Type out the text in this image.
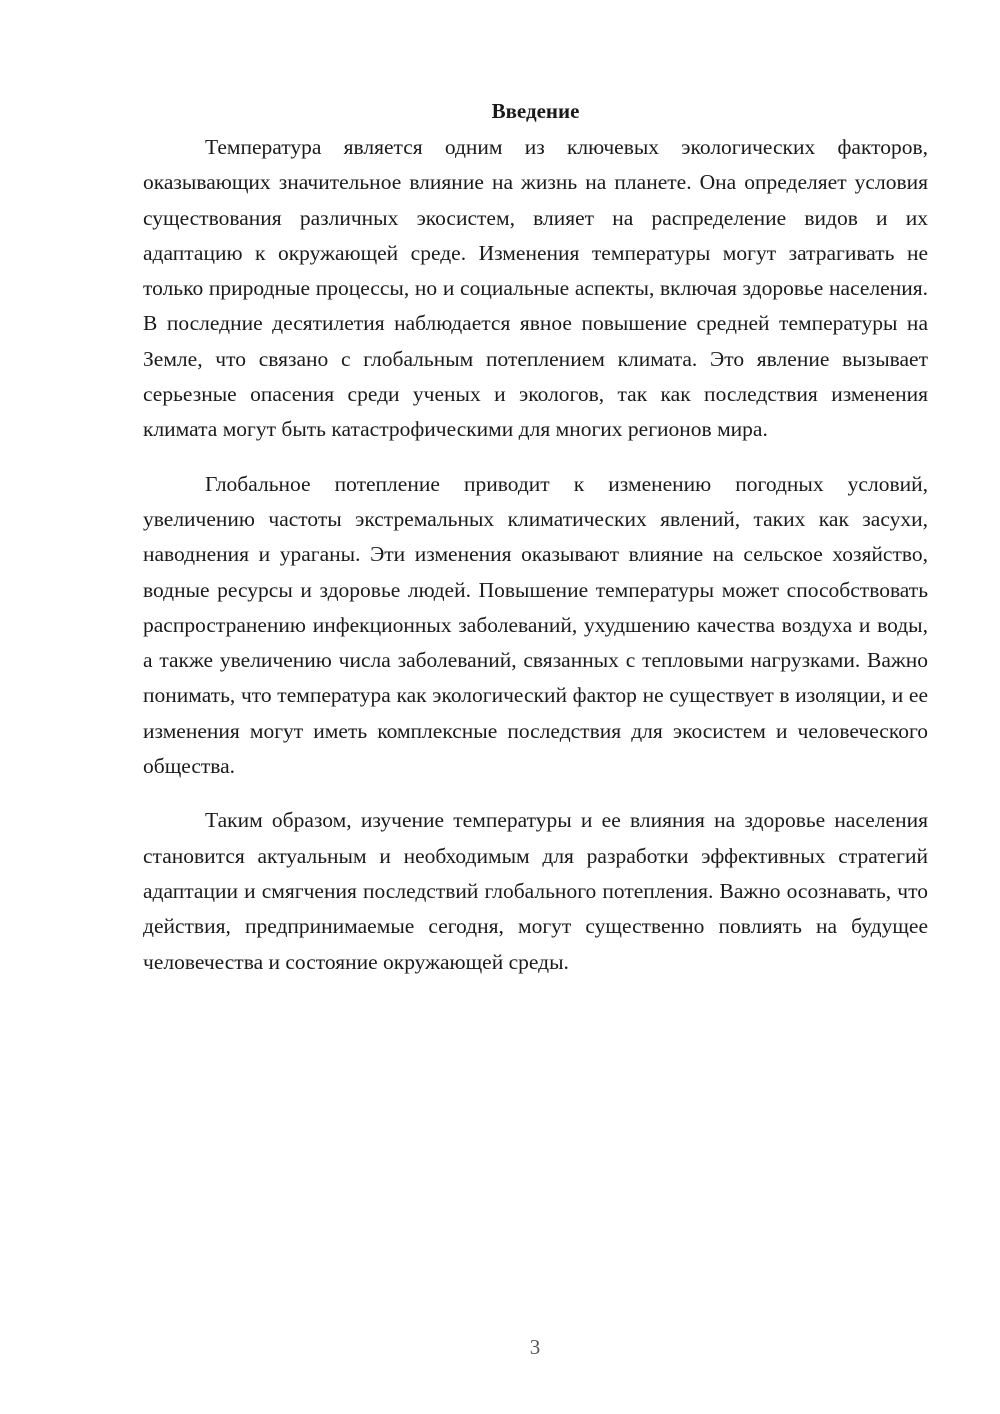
Введение

Температура является одним из ключевых экологических факторов, оказывающих значительное влияние на жизнь на планете. Она определяет условия существования различных экосистем, влияет на распределение видов и их адаптацию к окружающей среде. Изменения температуры могут затрагивать не только природные процессы, но и социальные аспекты, включая здоровье населения. В последние десятилетия наблюдается явное повышение средней температуры на Земле, что связано с глобальным потеплением климата. Это явление вызывает серьезные опасения среди ученых и экологов, так как последствия изменения климата могут быть катастрофическими для многих регионов мира.

Глобальное потепление приводит к изменению погодных условий, увеличению частоты экстремальных климатических явлений, таких как засухи, наводнения и ураганы. Эти изменения оказывают влияние на сельское хозяйство, водные ресурсы и здоровье людей. Повышение температуры может способствовать распространению инфекционных заболеваний, ухудшению качества воздуха и воды, а также увеличению числа заболеваний, связанных с тепловыми нагрузками. Важно понимать, что температура как экологический фактор не существует в изоляции, и ее изменения могут иметь комплексные последствия для экосистем и человеческого общества.

Таким образом, изучение температуры и ее влияния на здоровье населения становится актуальным и необходимым для разработки эффективных стратегий адаптации и смягчения последствий глобального потепления. Важно осознавать, что действия, предпринимаемые сегодня, могут существенно повлиять на будущее человечества и состояние окружающей среды.

3
